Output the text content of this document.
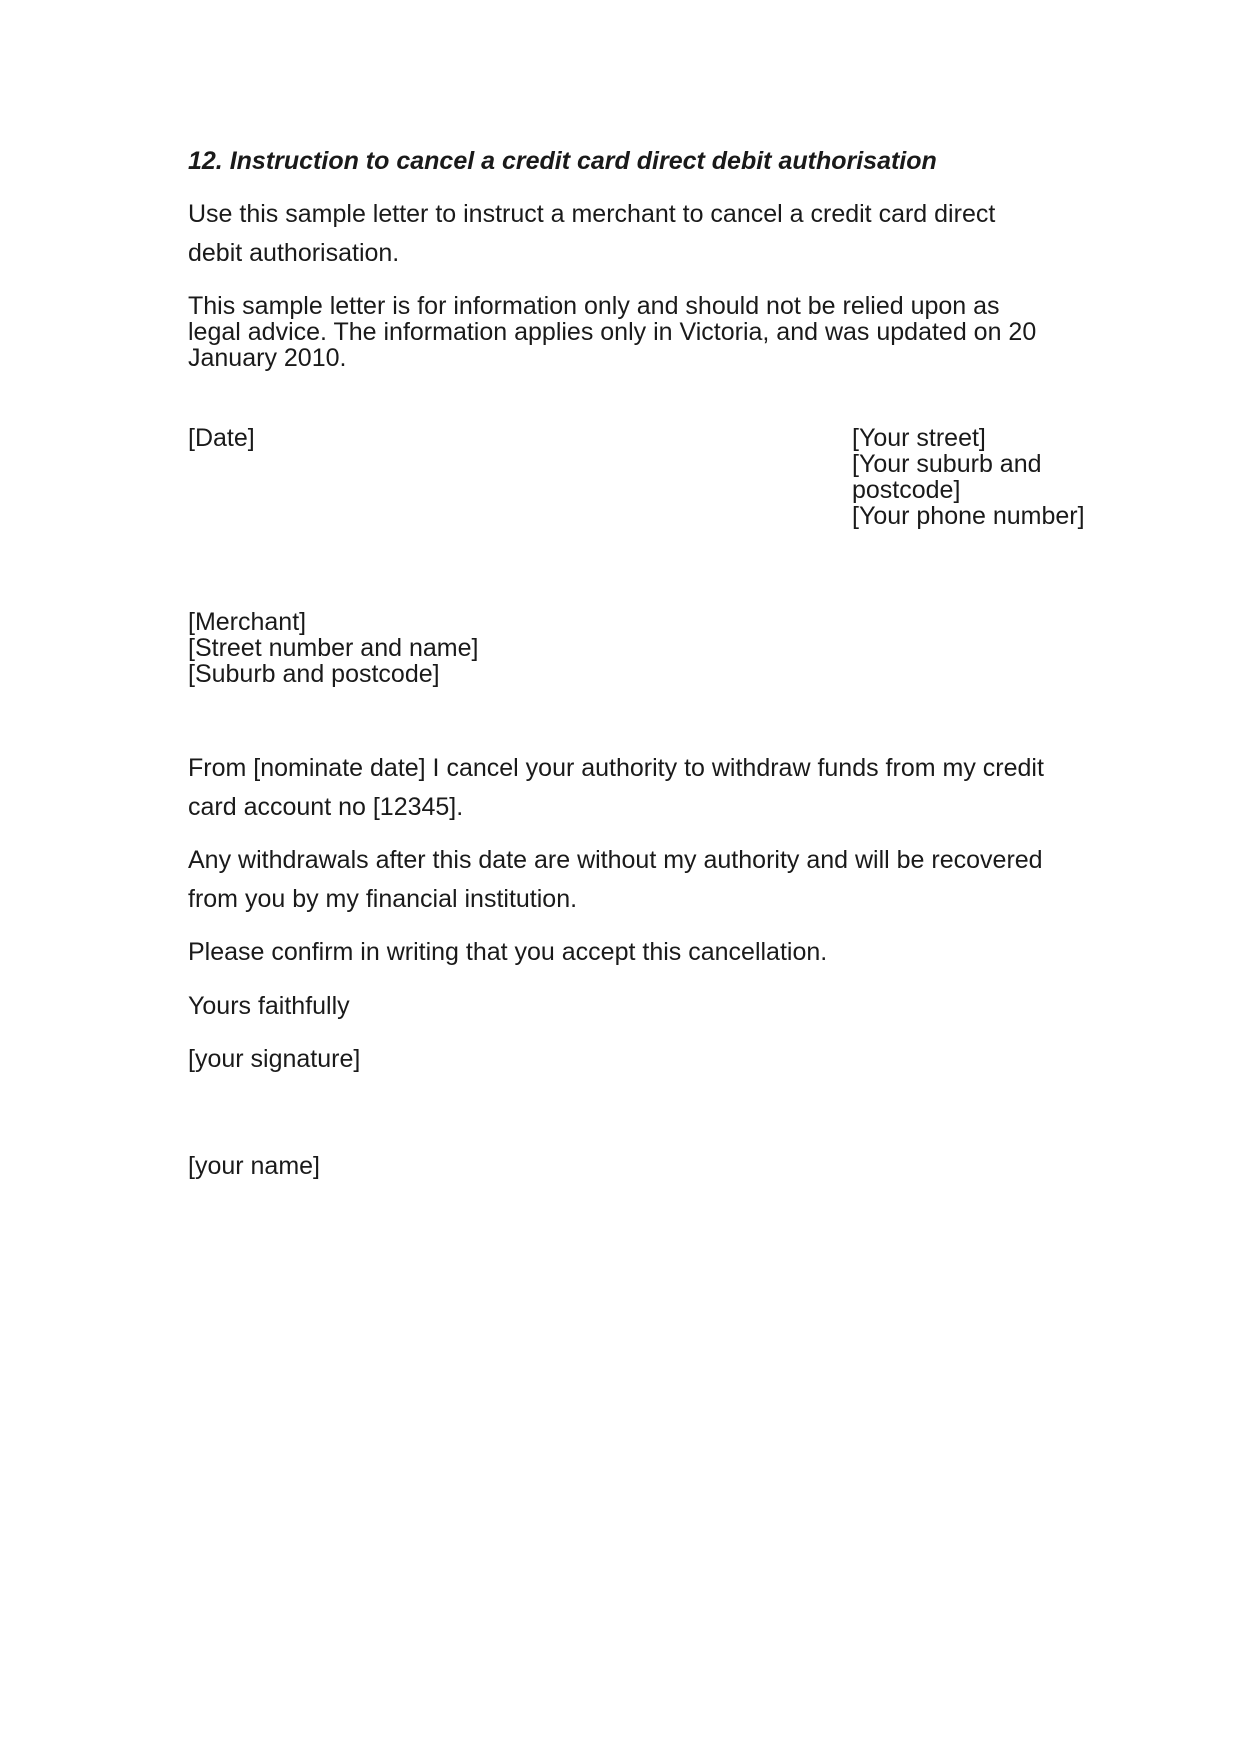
12. Instruction to cancel a credit card direct debit authorisation
Use this sample letter to instruct a merchant to cancel a credit card direct
debit authorisation.
This sample letter is for information only and should not be relied upon as
legal advice. The information applies only in Victoria, and was updated on 20
January 2010.
[Date]	[Your street]
[Your suburb and
postcode]
[Your phone number]
[Merchant]
[Street number and name]
[Suburb and postcode]
From [nominate date] I cancel your authority to withdraw funds from my credit
card account no [12345].
Any withdrawals after this date are without my authority and will be recovered
from you by my financial institution.
Please confirm in writing that you accept this cancellation.
Yours faithfully
[your signature]
[your name]
